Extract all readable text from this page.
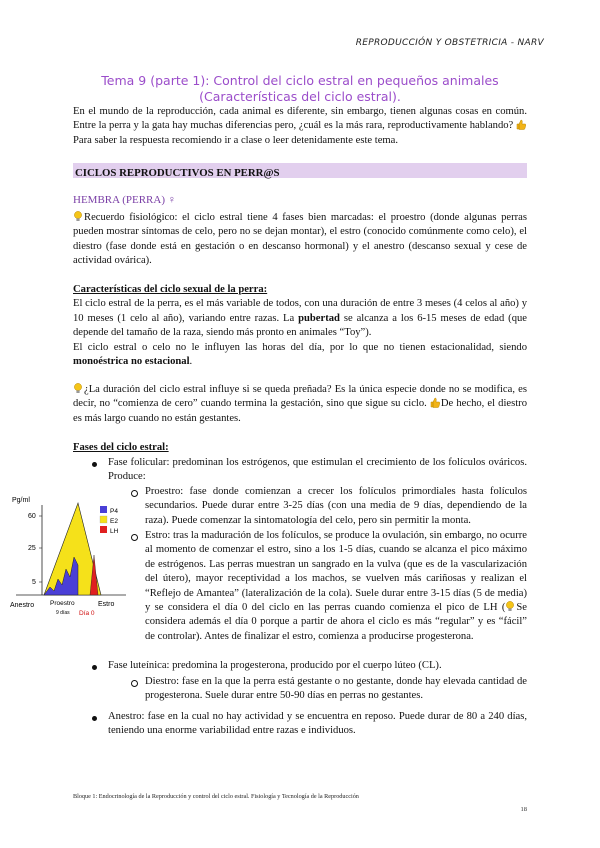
REPRODUCCIÓN Y OBSTETRICIA - NARV
Tema 9 (parte 1): Control del ciclo estral en pequeños animales
(Características del ciclo estral).

En el mundo de la reproducción, cada animal es diferente, sin embargo, tienen algunas cosas en común. Entre la perra y la gata hay muchas diferencias pero, ¿cuál es la más rara, reproductivamente hablando?  Para saber la respuesta recomiendo ir a clase o leer detenidamente este tema.

CICLOS REPRODUCTIVOS EN PERR@S
HEMBRA (PERRA) ♀

Recuerdo fisiológico: el ciclo estral tiene 4 fases bien marcadas: el proestro (donde algunas perras pueden mostrar síntomas de celo, pero no se dejan montar), el estro (conocido comúnmente como celo), el diestro (fase donde está en gestación o en descanso hormonal) y el anestro (descanso sexual y cese de actividad ovárica).

Características del ciclo sexual de la perra:
El ciclo estral de la perra, es el más variable de todos, con una duración de entre 3 meses (4 celos al año) y 10 meses (1 celo al año), variando entre razas. La pubertad se alcanza a los 6-15 meses de edad (que depende del tamaño de la raza, siendo más pronto en animales “Toy”).
El ciclo estral o celo no le influyen las horas del día, por lo que no tienen estacionalidad, siendo monoéstrica no estacional.

¿La duración del ciclo estral influye si se queda preñada? Es la única especie donde no se modifica, es decir, no “comienza de cero” cuando termina la gestación, sino que sigue su ciclo. De hecho, el diestro es más largo cuando no están gestantes.

Fases del ciclo estral:
Fase folicular: predominan los estrógenos, que estimulan el crecimiento de los folículos ováricos. Produce:
Proestro: fase donde comienzan a crecer los folículos primordiales hasta folículos secundarios. Puede durar entre 3-25 días (con una media de 9 días, dependiendo de la raza). Puede comenzar la sintomatología del celo, pero sin permitir la monta.
Estro: tras la maduración de los folículos, se produce la ovulación, sin embargo, no ocurre al momento de comenzar el estro, sino a los 1-5 días, cuando se alcanza el pico máximo de estrógenos. Las perras muestran un sangrado en la vulva (que es de la vascularización del útero), mayor receptividad a los machos, se vuelven más cariñosas y realizan el “Reflejo de Amantea” (lateralización de la cola). Suele durar entre 3-15 días (5 de media) y se considera el día 0 del ciclo en las perras cuando comienza el pico de LH ( Se considera además el día 0 porque a partir de ahora el ciclo es más “regular” y es “fácil” de controlar). Antes de finalizar el estro, comienza a producirse progesterona.
Fase luteínica: predomina la progesterona, producido por el cuerpo lúteo (CL).
Diestro: fase en la que la perra está gestante o no gestante, donde hay elevada cantidad de progesterona. Suele durar entre 50-90 días en perras no gestantes.
Anestro: fase en la cual no hay actividad y se encuentra en reposo. Puede durar de 80 a 240 días, teniendo una enorme variabilidad entre razas e individuos.
Pg/ml
60
25
5
P4
E2
LH
Anestro Proestro	Estro
9 días Día 0
Bloque 1: Endocrinología de la Reproducción y control del ciclo estral. Fisiología y Tecnología de la Reproducción
18
